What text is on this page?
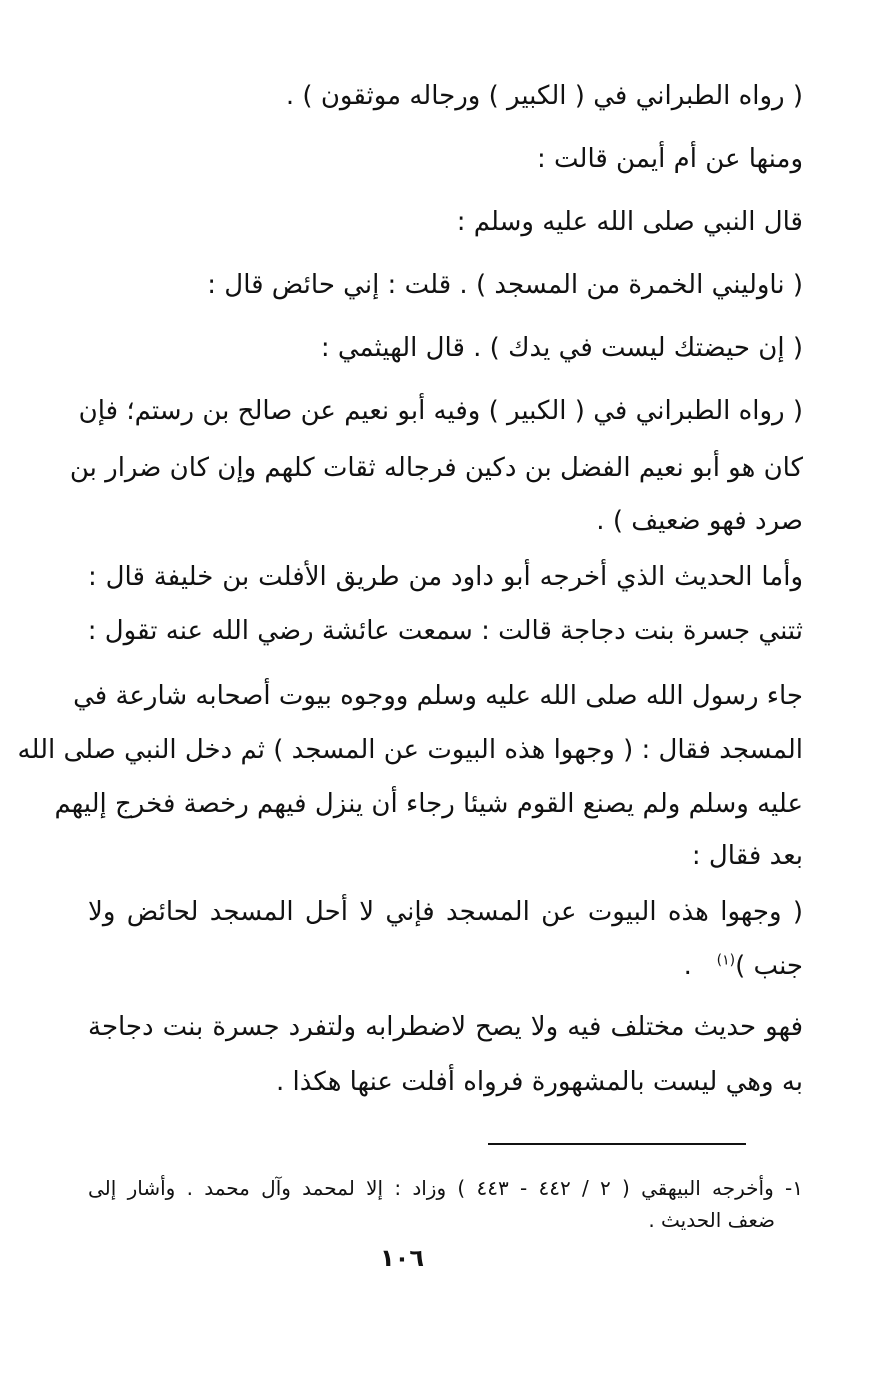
( رواه الطبراني في ( الكبير ) ورجاله موثقون ) .
ومنها عن أم أيمن قالت :
قال النبي صلى الله عليه وسلم :
( ناوليني الخمرة من المسجد ) . قلت : إني حائض قال :
( إن حيضتك ليست في يدك ) . قال الهيثمي :
( رواه الطبراني في ( الكبير ) وفيه أبو نعيم عن صالح بن رستم؛ فإن
كان هو أبو نعيم الفضل بن دكين فرجاله ثقات كلهم وإن كان ضرار بن
صرد فهو ضعيف ) .
وأما الحديث الذي أخرجه أبو داود من طريق الأفلت بن خليفة قال :
ثتني جسرة بنت دجاجة قالت : سمعت عائشة رضي الله عنه تقول :
جاء رسول الله صلى الله عليه وسلم ووجوه بيوت أصحابه شارعة في
المسجد فقال : ( وجهوا هذه البيوت عن المسجد ) ثم دخل النبي صلى الله
عليه وسلم ولم يصنع القوم شيئا رجاء أن ينزل فيهم رخصة فخرج إليهم
بعد فقال :
( وجهوا هذه البيوت عن المسجد فإني لا أحل المسجد لحائض ولا
جنب )$^{(١)}$   .
فهو حديث مختلف فيه ولا يصح لاضطرابه ولتفرد جسرة بنت دجاجة
به وهي ليست بالمشهورة فرواه أفلت عنها هكذا .
١- وأخرجه البيهقي ( ٢ / ٤٤٢ - ٤٤٣ ) وزاد : إلا لمحمد وآل محمد . وأشار إلى
ضعف الحديث .
١٠٦
